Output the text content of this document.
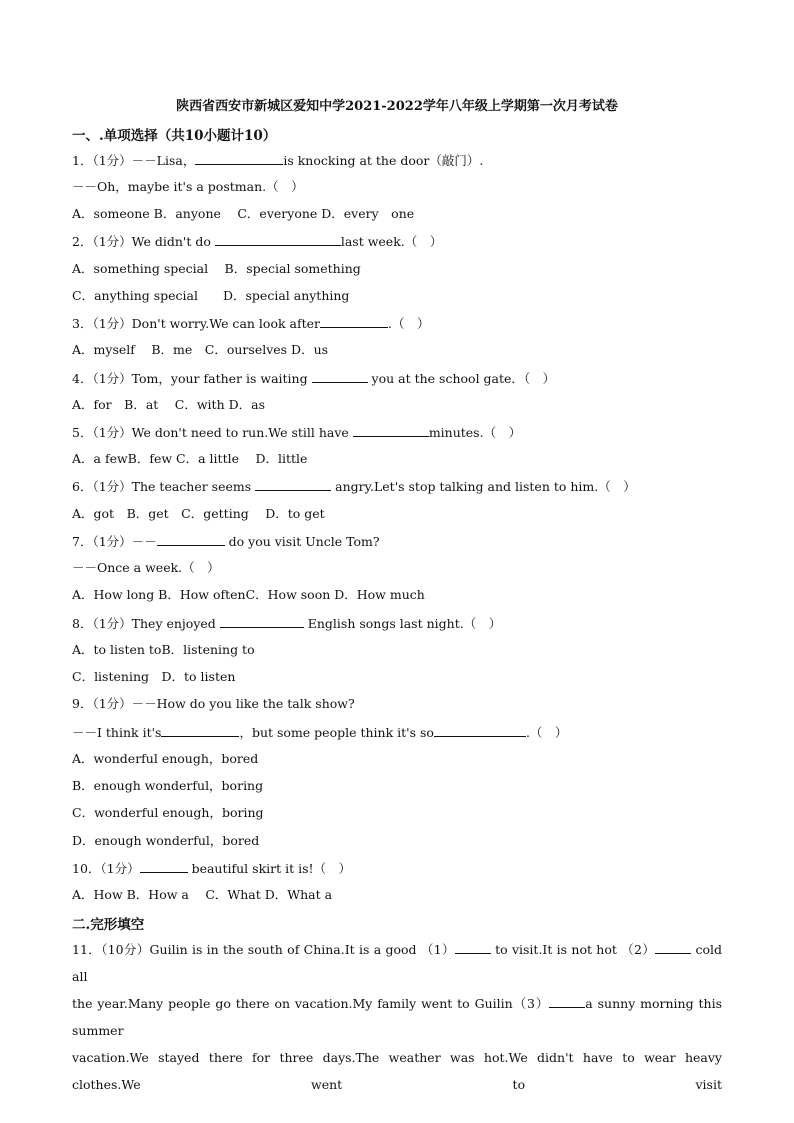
陕西省西安市新城区爱知中学2021-2022学年八年级上学期第一次月考试卷
一、.单项选择（共10小题计10）
1．（1分）－－Lisa，	is knocking at the door（敲门）.
－－Oh，maybe it's a postman.（　）
A．someone B．anyone　 C．everyone D．every　one
2．（1分）We didn't do	last week.（　）
A．something special　 B．special something
C．anything special　　D．special anything
3．（1分）Don't worry.We can look after	.（　）
A．myself　 B．me　C．ourselves D．us
4．（1分）Tom，your father is waiting	you at the school gate．（　）
A．for　B．at　 C．with D．as
5．（1分）We don't need to run.We still have	minutes.（　）
A．a fewB．few C．a little　 D．little
6．（1分）The teacher seems	angry.Let's stop talking and listen to him.（　）
A．got　B．get　C．getting　 D．to get
7．（1分）－－	do you visit Uncle Tom?
－－Once a week.（　）
A．How long B．How oftenC．How soon D．How much
8．（1分）They enjoyed	English songs last night.（　）
A．to listen toB．listening to
C．listening　D．to listen
9．（1分）－－How do you like the talk show?
－－I think it's	，but some people think it's so	.（　）
A．wonderful enough，bored
B．enough wonderful，boring
C．wonderful enough，boring
D．enough wonderful，bored
10．（1分）	beautiful skirt it is!（　）
A．How B．How a　 C．What D．What a
二.完形填空
11．（10分）Guilin is in the south of China.It is a good （1）	to visit.It is not hot （2）	cold all
the year.Many people go there on vacation.My family went to Guilin（3）	a sunny morning this summer
vacation.We stayed there for three days.The weather was hot.We didn't have to wear heavy clothes.We went to visit
